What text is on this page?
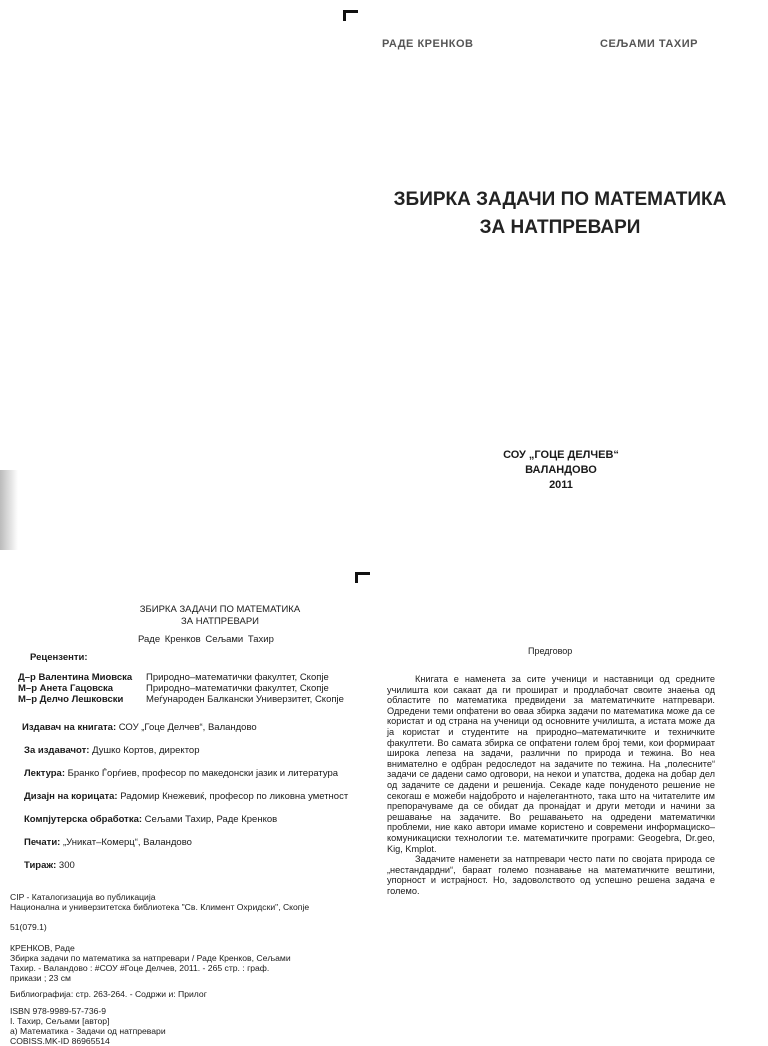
РАДЕ КРЕНКОВ	СЕЉАМИ ТАХИР
ЗБИРКА ЗАДАЧИ ПО МАТЕМАТИКА
ЗА НАТПРЕВАРИ
СОУ „ГОЦЕ ДЕЛЧЕВ“
ВАЛАНДОВО
2011
ЗБИРКА ЗАДАЧИ ПО МАТЕМАТИКА
ЗА НАТПРЕВАРИ
Раде Кренков Сељами Тахир
Рецензенти:
Д–р Валентина Миовска Природно–математички факултет, Скопје
М–р Анета Гацовска	Природно–математички факултет, Скопје
М–р Делчо Лешковски Меѓународен Балкански Универзитет, Скопје
Издавач на книгата: СОУ „Гоце Делчев“, Валандово
За издавачот: Душко Кортов, директор
Лектура: Бранко Ѓорѓиев, професор по македонски јазик и литература
Дизајн на корицата: Радомир Кнежевиќ, професор по ликовна уметност
Компјутерска обработка: Сељами Тахир, Раде Кренков
Печати: „Уникат–Комерц“, Валандово
Тираж: 300
CIP - Каталогизација во публикација
Национална и универзитетска библиотека "Св. Климент Охридски", Скопје
51(079.1)
КРЕНКОВ, Раде
Збирка задачи по математика за натпревари / Раде Кренков, Сељами
Тахир. - Валандово : #СОУ #Гоце Делчев, 2011. - 265 стр. : граф.
прикази ; 23 см
Библиографија: стр. 263-264. - Содржи и: Прилог
ISBN 978-9989-57-736-9
I. Тахир, Сељами [автор]
а) Математика - Задачи од натпревари
COBISS.MK-ID 86965514
Предговор

Книгата е наменета за сите ученици и наставници од средните училишта кои сакаат да ги прошират и продлабочат своите знаења од областите по математика предвидени за математичките натпревари. Одредени теми опфатени во оваа збирка задачи по математика може да се користат и од страна на ученици од основните училишта, а истата може да ја користат и студентите на природно–математичките и техничките факултети. Во самата збирка се опфатени голем број теми, кои формираат широка лепеза на задачи, различни по природа и тежина. Во неа внимателно е одбран редоследот на задачите по тежина. На „полесните“ задачи се дадени само одговори, на некои и упатства, додека на добар дел од задачите се дадени и решенија. Секаде каде понуденото решение не секогаш е можеби најдоброто и најелегантното, така што на читателите им препорачуваме да се обидат да пронајдат и други методи и начини за решавање на задачите. Во решавањето на одредени математички проблеми, ние како автори имаме користено и современи информациско–комуникациски технологии т.е. математичките програми: Geogebra, Dr.geo, Kig, Kmplot.

Задачите наменети за натпревари често пати по својата природа се „нестандардни“, бараат големо познавање на математичките вештини, упорност и истрајност. Но, задоволството од успешно решена задача е големо.
